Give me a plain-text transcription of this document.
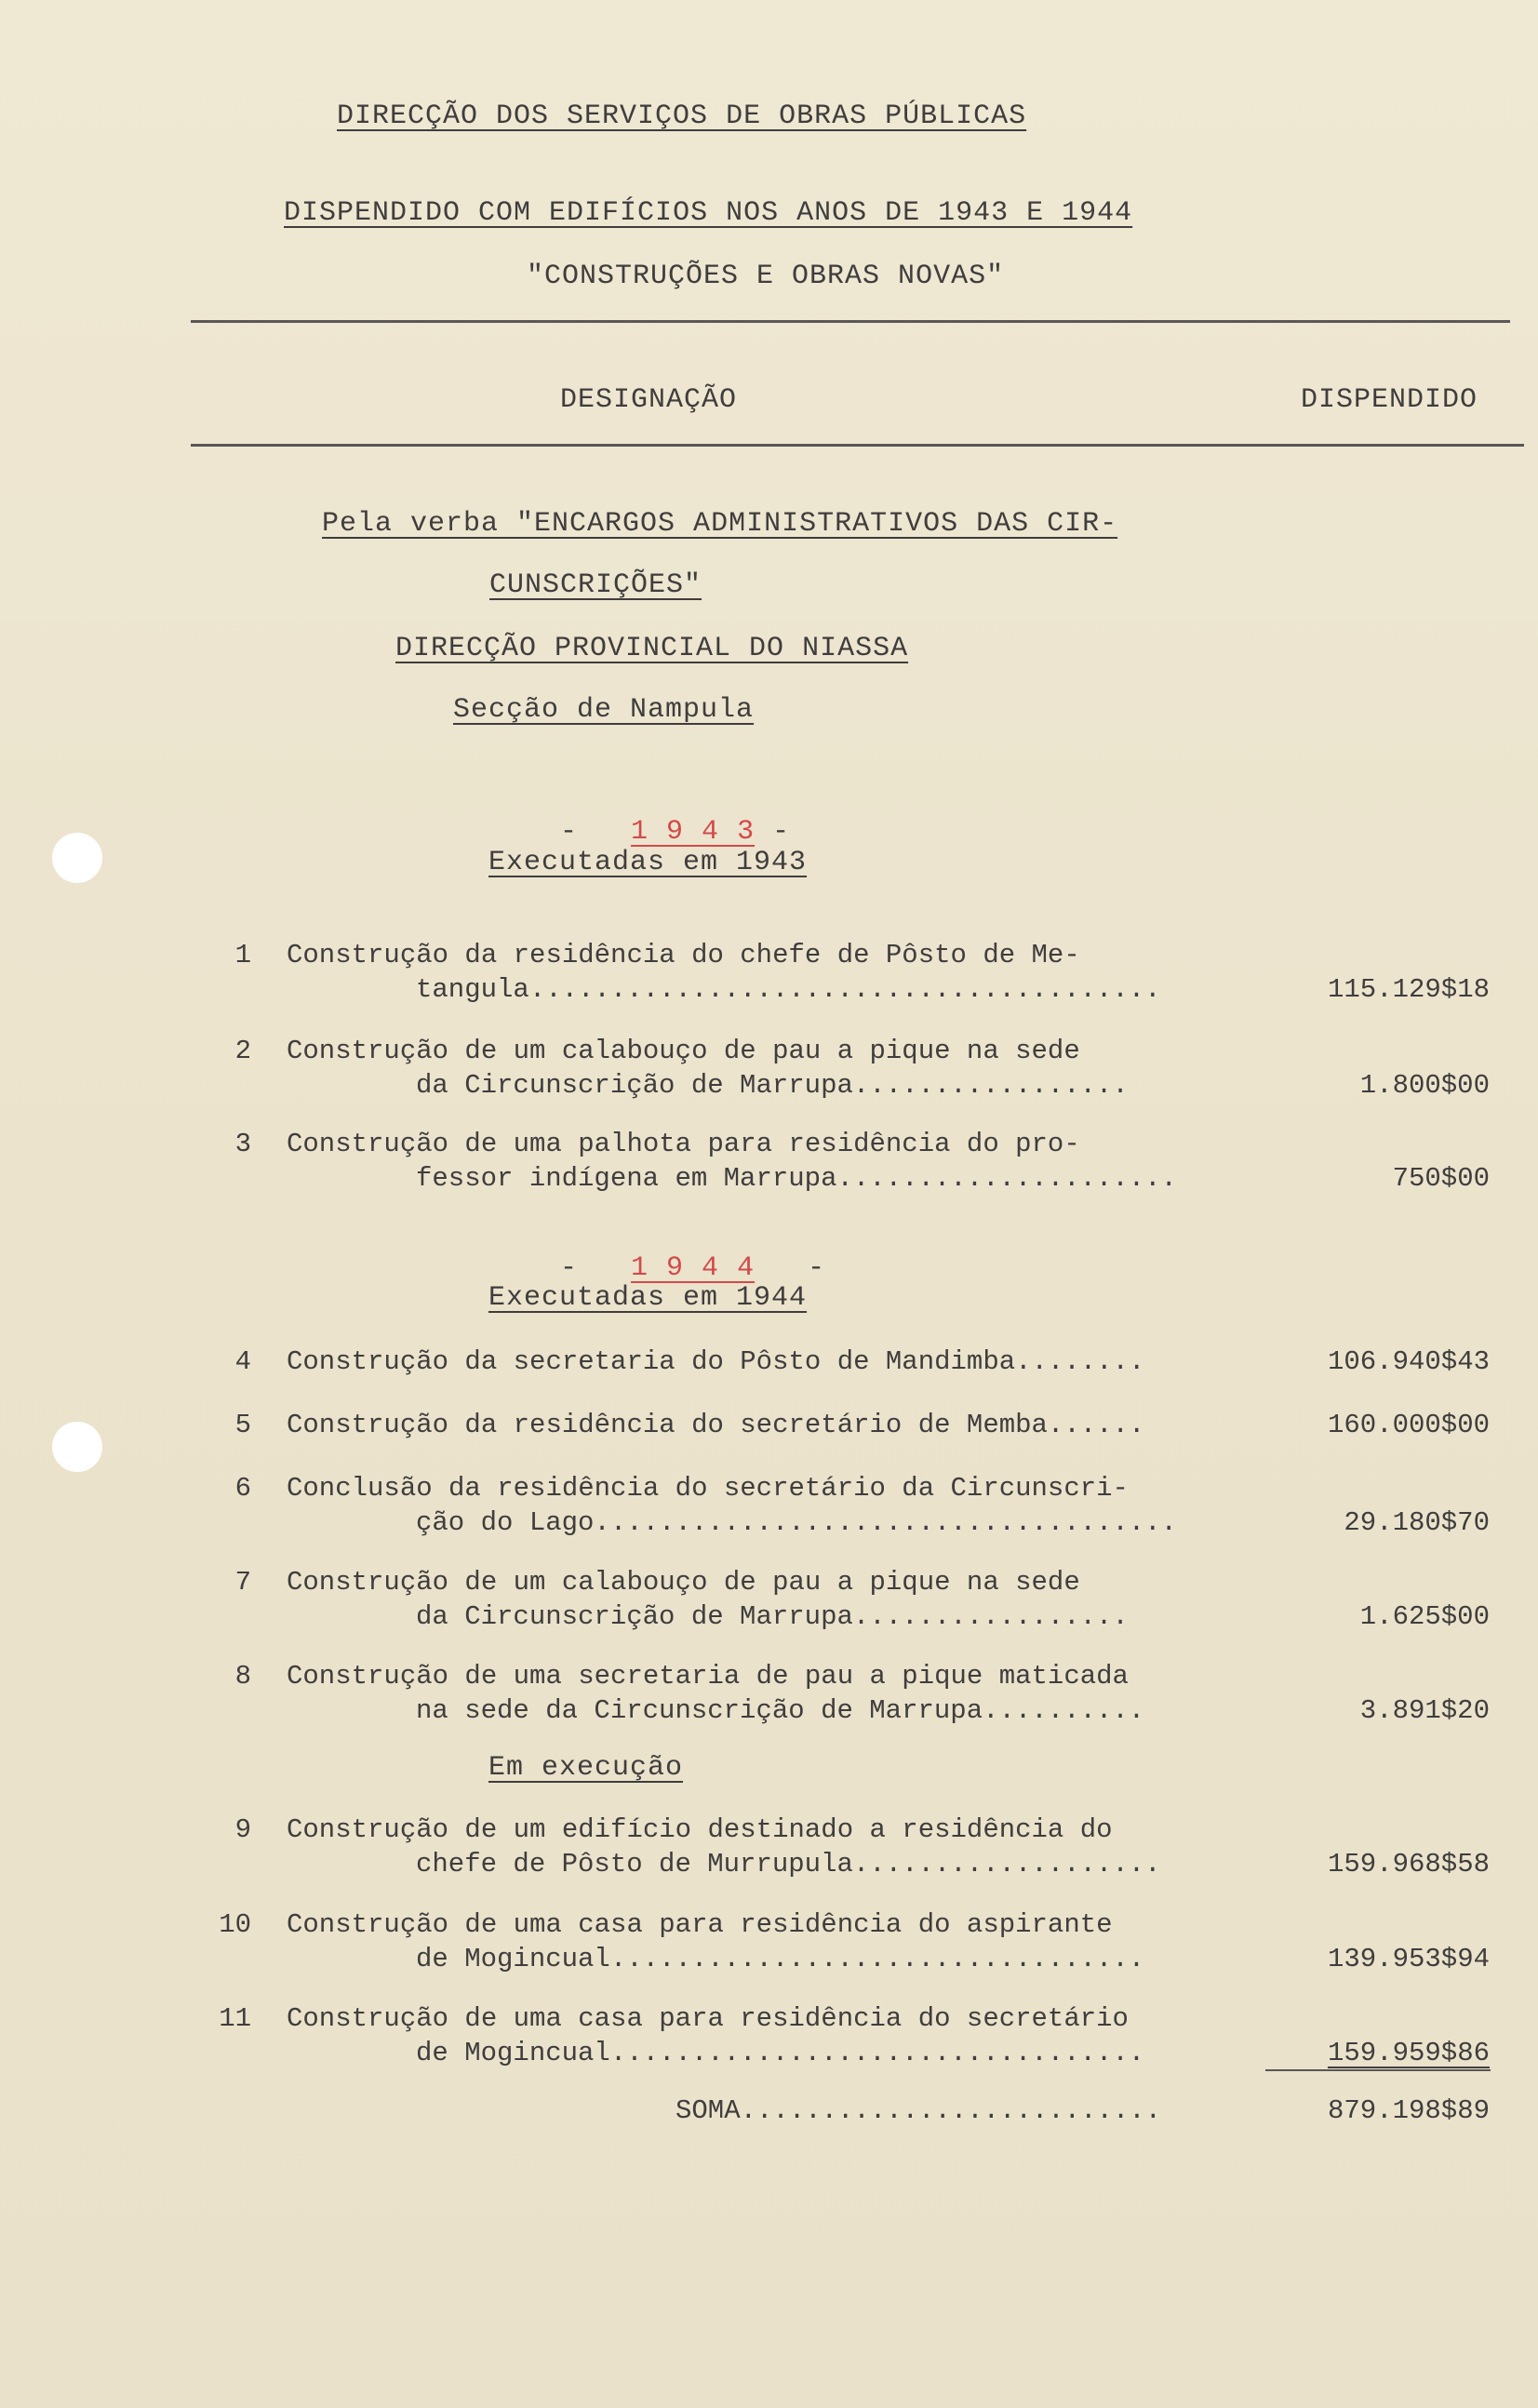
DIRECÇÃO DOS SERVIÇOS DE OBRAS PÚBLICAS
DISPENDIDO COM EDIFÍCIOS NOS ANOS DE 1943 E 1944
"CONSTRUÇÕES E OBRAS NOVAS"
DESIGNAÇÃO	DISPENDIDO
Pela verba "ENCARGOS ADMINISTRATIVOS DAS CIR-
CUNSCRIÇÕES"
DIRECÇÃO PROVINCIAL DO NIASSA
Secção de Nampula

- 1 9 4 3 -

Executadas em 1943
1 Construção da residência do chefe de Pôsto de Me-
tangula.......................................	115.129$18
2 Construção de um calabouço de pau a pique na sede
da Circunscrição de Marrupa.................	1.800$00
3 Construção de uma palhota para residência do pro-
fessor indígena em Marrupa.....................	750$00

- 1 9 4 4 -

Executadas em 1944
4 Construção da secretaria do Pôsto de Mandimba........	106.940$43
5 Construção da residência do secretário de Memba......	160.000$00
6 Conclusão da residência do secretário da Circunscri-
ção do Lago....................................	29.180$70
7 Construção de um calabouço de pau a pique na sede
da Circunscrição de Marrupa.................	1.625$00
8 Construção de uma secretaria de pau a pique maticada
na sede da Circunscrição de Marrupa..........	3.891$20
Em execução
9 Construção de um edifício destinado a residência do
chefe de Pôsto de Murrupula...................	159.968$58
10 Construção de uma casa para residência do aspirante
de Mogincual.................................	139.953$94
11 Construção de uma casa para residência do secretário
de Mogincual.................................	159.959$86
SOMA..........................	879.198$89
